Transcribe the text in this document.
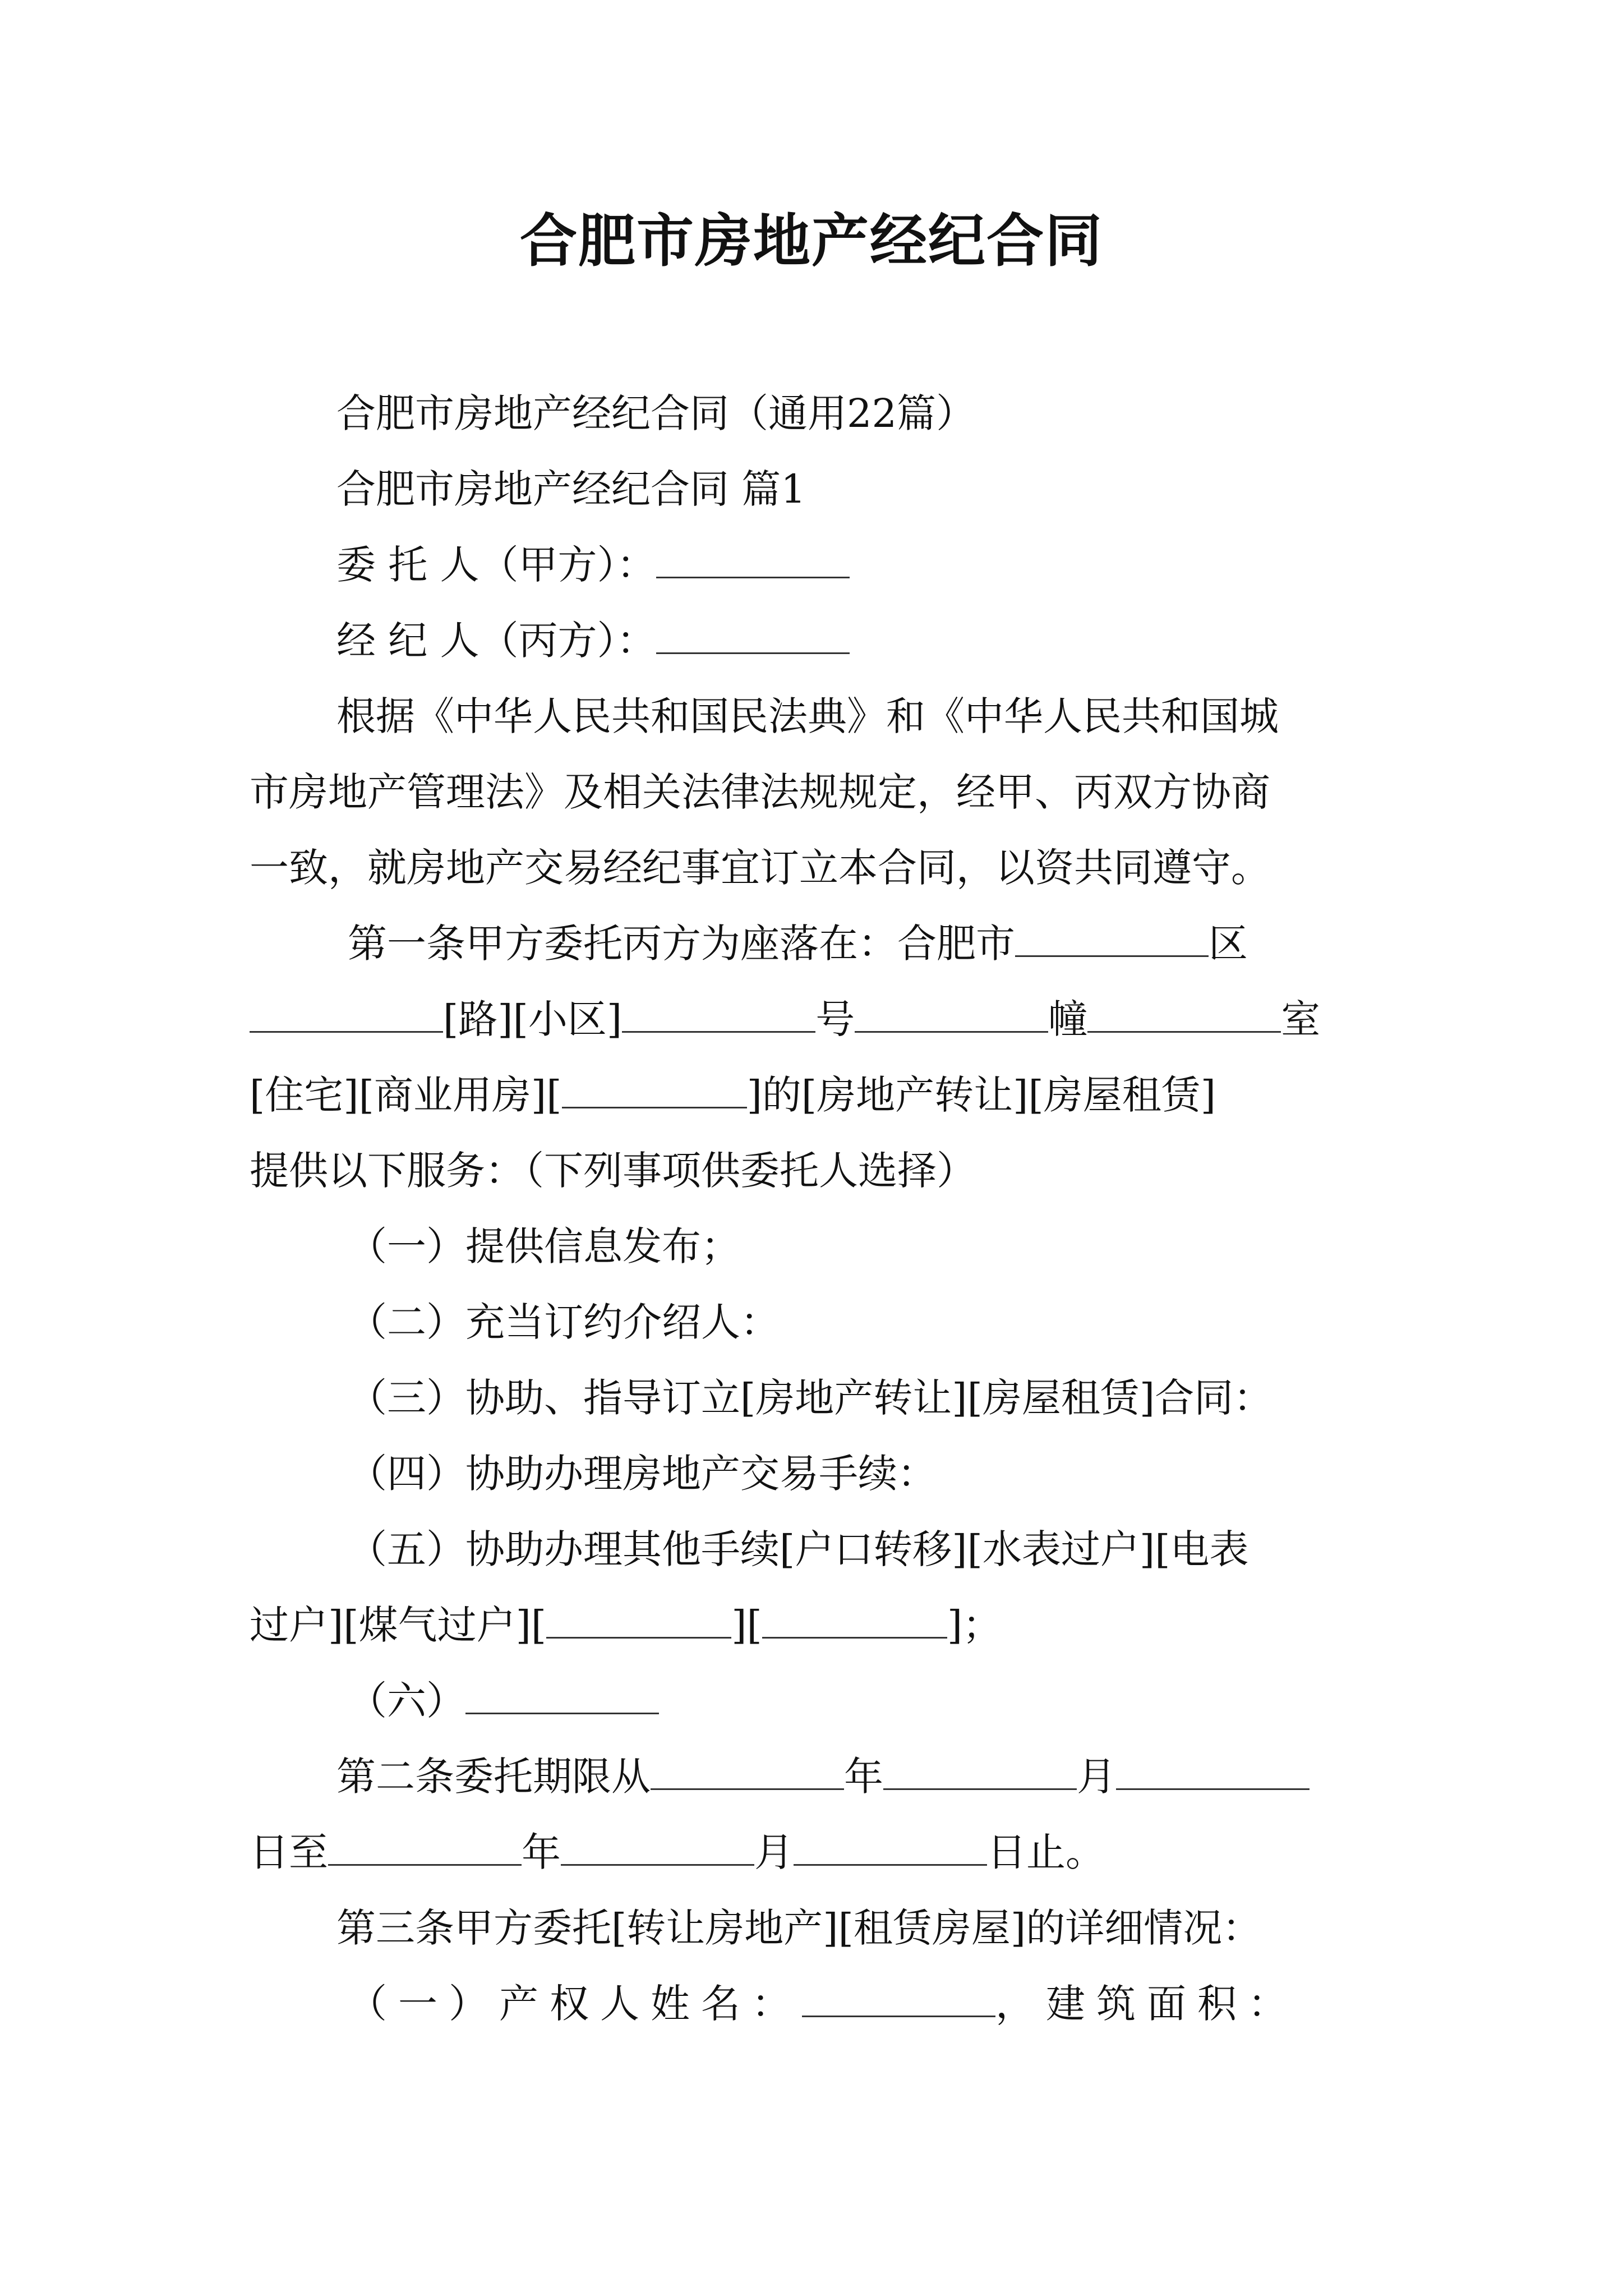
合肥市房地产经纪合同
合肥市房地产经纪合同（通用22篇）
合肥市房地产经纪合同 篇1
委 托 人（甲方）：
经 纪 人（丙方）：
根据《中华人民共和国民法典》和《中华人民共和国城
市房地产管理法》及相关法律法规规定，经甲、丙双方协商
一致，就房地产交易经纪事宜订立本合同，以资共同遵守。
第一条甲方委托丙方为座落在：合肥市	区
[路][小区]	号	幢	室
[住宅][商业用房][	]的[房地产转让][房屋租赁]
提供以下服务：（下列事项供委托人选择）
（一）提供信息发布；
（二）充当订约介绍人：
（三）协助、指导订立[房地产转让][房屋租赁]合同：
（四）协助办理房地产交易手续：
（五）协助办理其他手续[户口转移][水表过户][电表
过户][煤气过户][	][	]；
（六）
第二条委托期限从	年	月
日至	年	月	日止。
第三条甲方委托[转让房地产][租赁房屋]的详细情况：
（一）产权人姓名：	，建筑面积：
